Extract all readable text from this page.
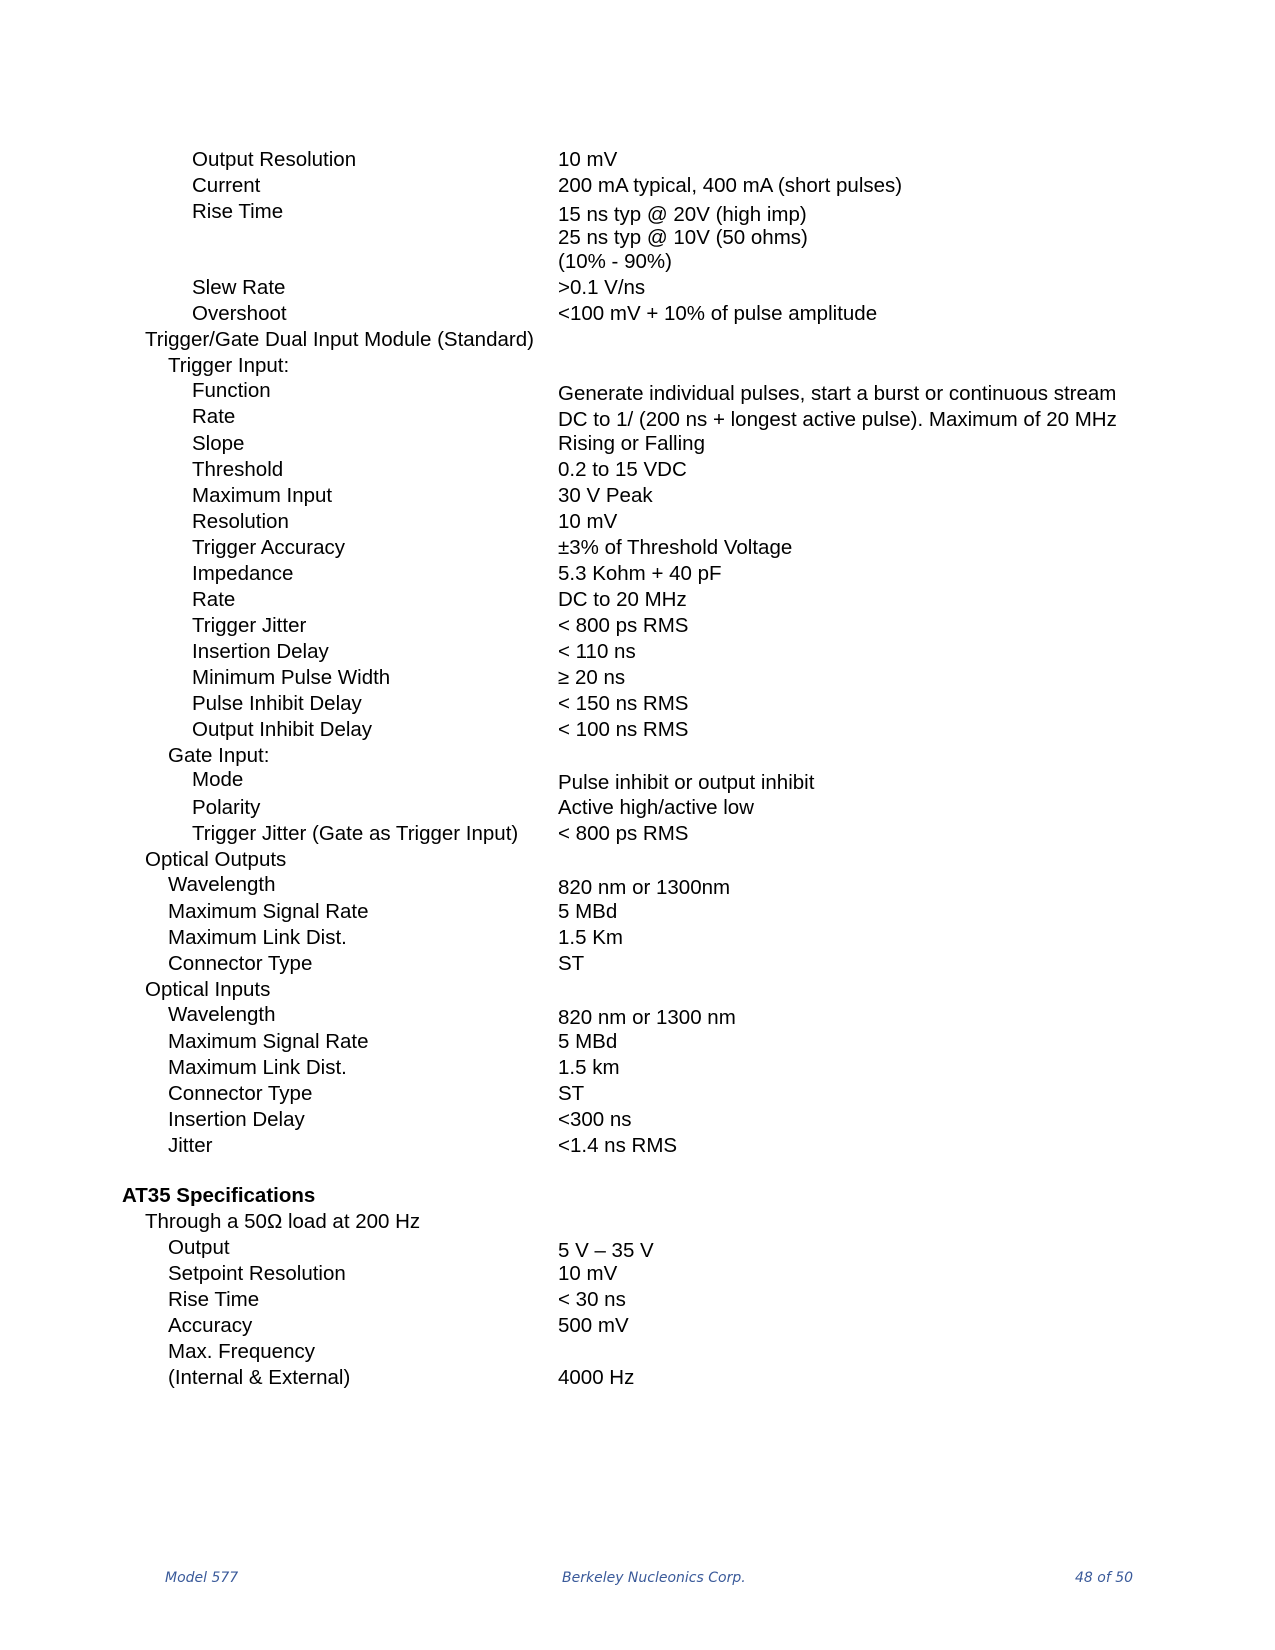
Output Resolution	10 mV
Current	200 mA typical, 400 mA (short pulses)
Rise Time	15 ns typ @ 20V (high imp)
25 ns typ @ 10V (50 ohms)
(10% - 90%)
Slew Rate	>0.1 V/ns
Overshoot	<100 mV + 10% of pulse amplitude
Trigger/Gate Dual Input Module (Standard)
Trigger Input:
Function	Generate individual pulses, start a burst or continuous stream
Rate	DC to 1/ (200 ns + longest active pulse). Maximum of 20 MHz
Slope	Rising or Falling
Threshold	0.2 to 15 VDC
Maximum Input	30 V Peak
Resolution	10 mV
Trigger Accuracy	±3% of Threshold Voltage
Impedance	5.3 Kohm + 40 pF
Rate	DC to 20 MHz
Trigger Jitter	< 800 ps RMS
Insertion Delay	< 110 ns
Minimum Pulse Width	≥ 20 ns
Pulse Inhibit Delay	< 150 ns RMS
Output Inhibit Delay	< 100 ns RMS
Gate Input:
Mode	Pulse inhibit or output inhibit
Polarity	Active high/active low
Trigger Jitter (Gate as Trigger Input) < 800 ps RMS
Optical Outputs
Wavelength	820 nm or 1300nm
Maximum Signal Rate	5 MBd
Maximum Link Dist.	1.5 Km
Connector Type	ST
Optical Inputs
Wavelength	820 nm or 1300 nm
Maximum Signal Rate	5 MBd
Maximum Link Dist.	1.5 km
Connector Type	ST
Insertion Delay	<300 ns
Jitter	<1.4 ns RMS
AT35 Specifications
Through a 50Ω load at 200 Hz
Output	5 V – 35 V
Setpoint Resolution	10 mV
Rise Time	< 30 ns
Accuracy	500 mV
Max. Frequency
(Internal & External)	4000 Hz
Model 577	Berkeley Nucleonics Corp.	48 of 50
